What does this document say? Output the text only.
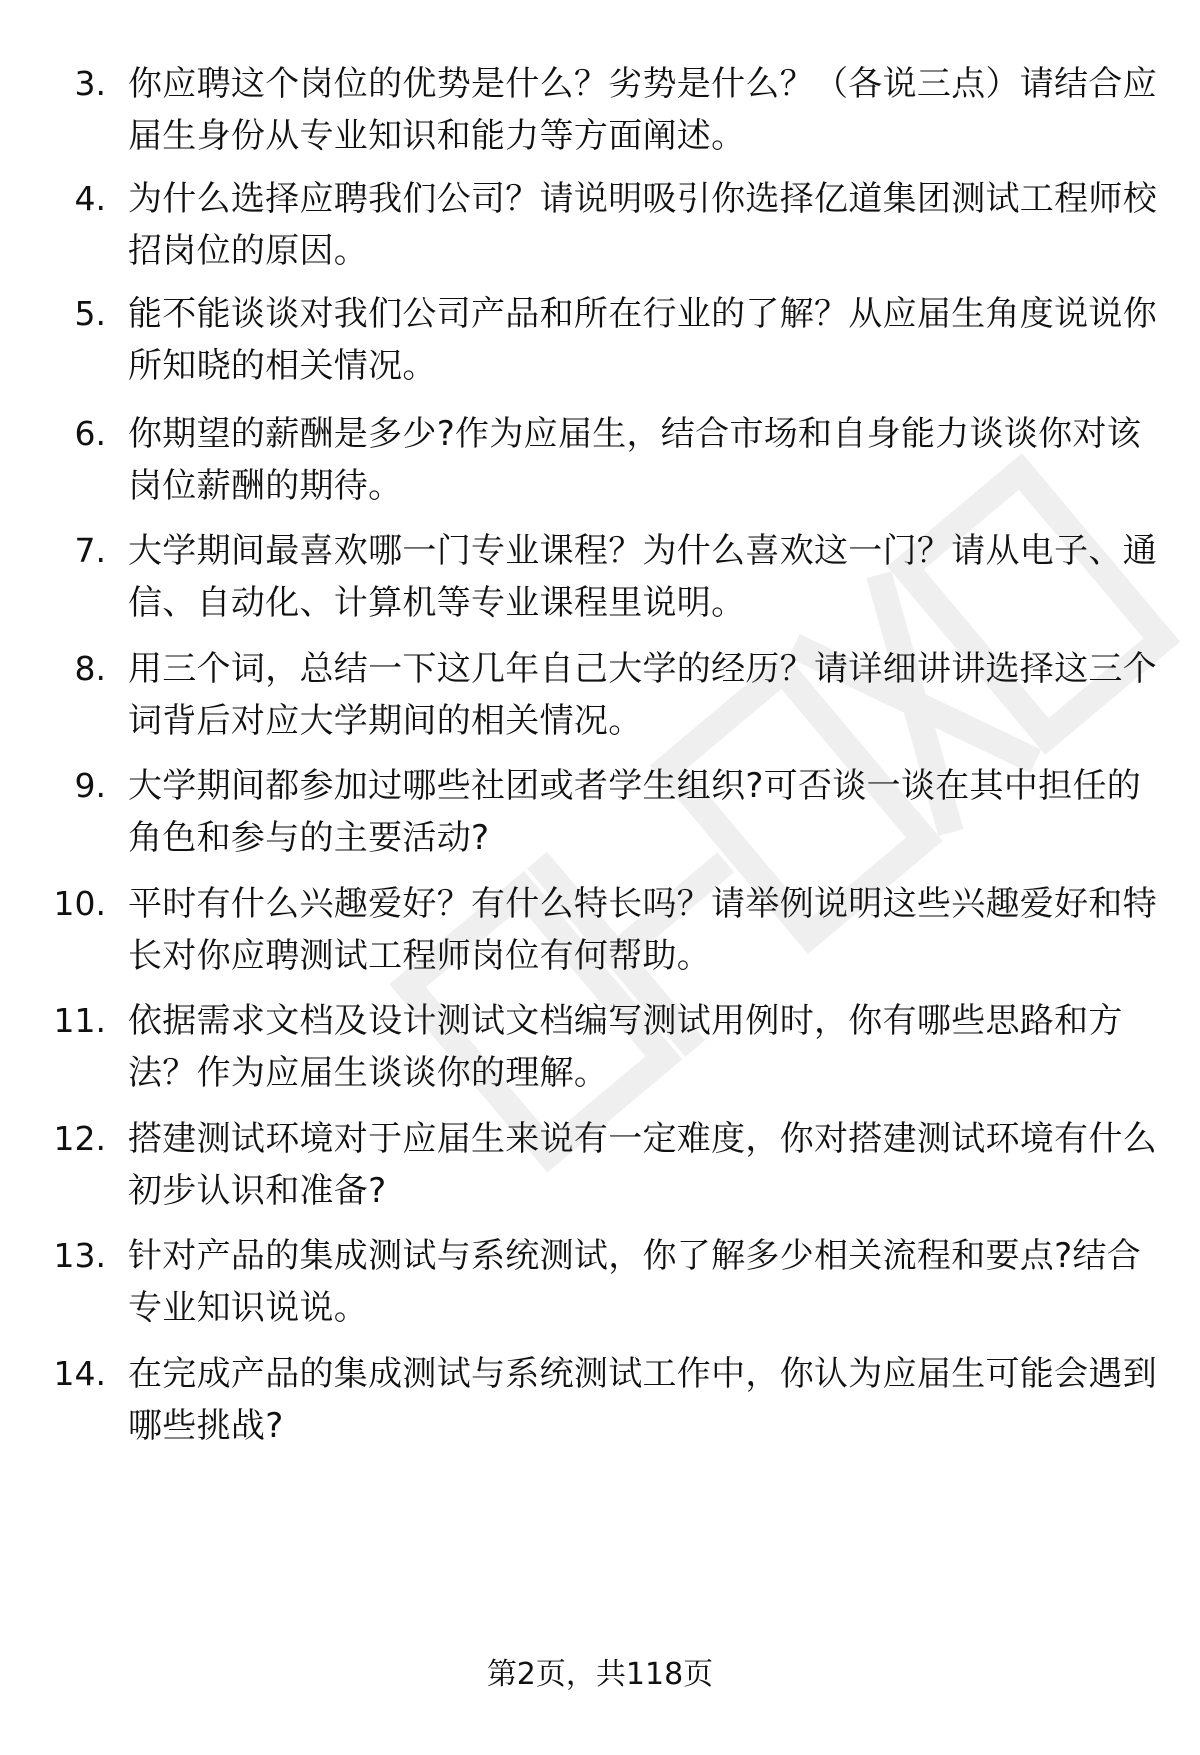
3. 你应聘这个岗位的优势是什么？劣势是什么？（各说三点）请结合应届生身份从专业知识和能力等方面阐述。
4. 为什么选择应聘我们公司？请说明吸引你选择亿道集团测试工程师校招岗位的原因。
5. 能不能谈谈对我们公司产品和所在行业的了解？从应届生角度说说你所知晓的相关情况。
6. 你期望的薪酬是多少?作为应届生，结合市场和自身能力谈谈你对该岗位薪酬的期待。
7. 大学期间最喜欢哪一门专业课程？为什么喜欢这一门？请从电子、通信、自动化、计算机等专业课程里说明。
8. 用三个词，总结一下这几年自己大学的经历？请详细讲讲选择这三个词背后对应大学期间的相关情况。
9. 大学期间都参加过哪些社团或者学生组织?可否谈一谈在其中担任的角色和参与的主要活动?
10. 平时有什么兴趣爱好？有什么特长吗？请举例说明这些兴趣爱好和特长对你应聘测试工程师岗位有何帮助。
11. 依据需求文档及设计测试文档编写测试用例时，你有哪些思路和方法？作为应届生谈谈你的理解。
12. 搭建测试环境对于应届生来说有一定难度，你对搭建测试环境有什么初步认识和准备?
13. 针对产品的集成测试与系统测试，你了解多少相关流程和要点?结合专业知识说说。
14. 在完成产品的集成测试与系统测试工作中，你认为应届生可能会遇到哪些挑战?
第2页，共118页
